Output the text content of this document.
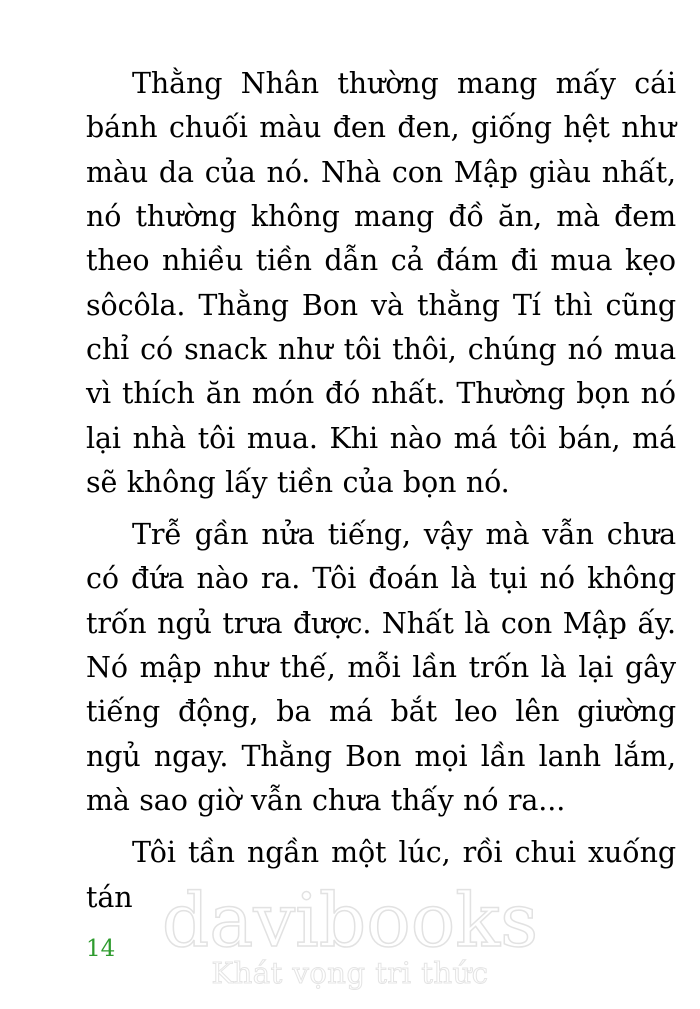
Thằng Nhân thường mang mấy cái bánh chuối màu đen đen, giống hệt như màu da của nó. Nhà con Mập giàu nhất, nó thường không mang đồ ăn, mà đem theo nhiều tiền dẫn cả đám đi mua kẹo sôcôla. Thằng Bon và thằng Tí thì cũng chỉ có snack như tôi thôi, chúng nó mua vì thích ăn món đó nhất. Thường bọn nó lại nhà tôi mua. Khi nào má tôi bán, má sẽ không lấy tiền của bọn nó.

Trễ gần nửa tiếng, vậy mà vẫn chưa có đứa nào ra. Tôi đoán là tụi nó không trốn ngủ trưa được. Nhất là con Mập ấy. Nó mập như thế, mỗi lần trốn là lại gây tiếng động, ba má bắt leo lên giường ngủ ngay. Thằng Bon mọi lần lanh lắm, mà sao giờ vẫn chưa thấy nó ra...

Tôi tần ngần một lúc, rồi chui xuống tán

14 davibooks
Khát vọng tri thức
